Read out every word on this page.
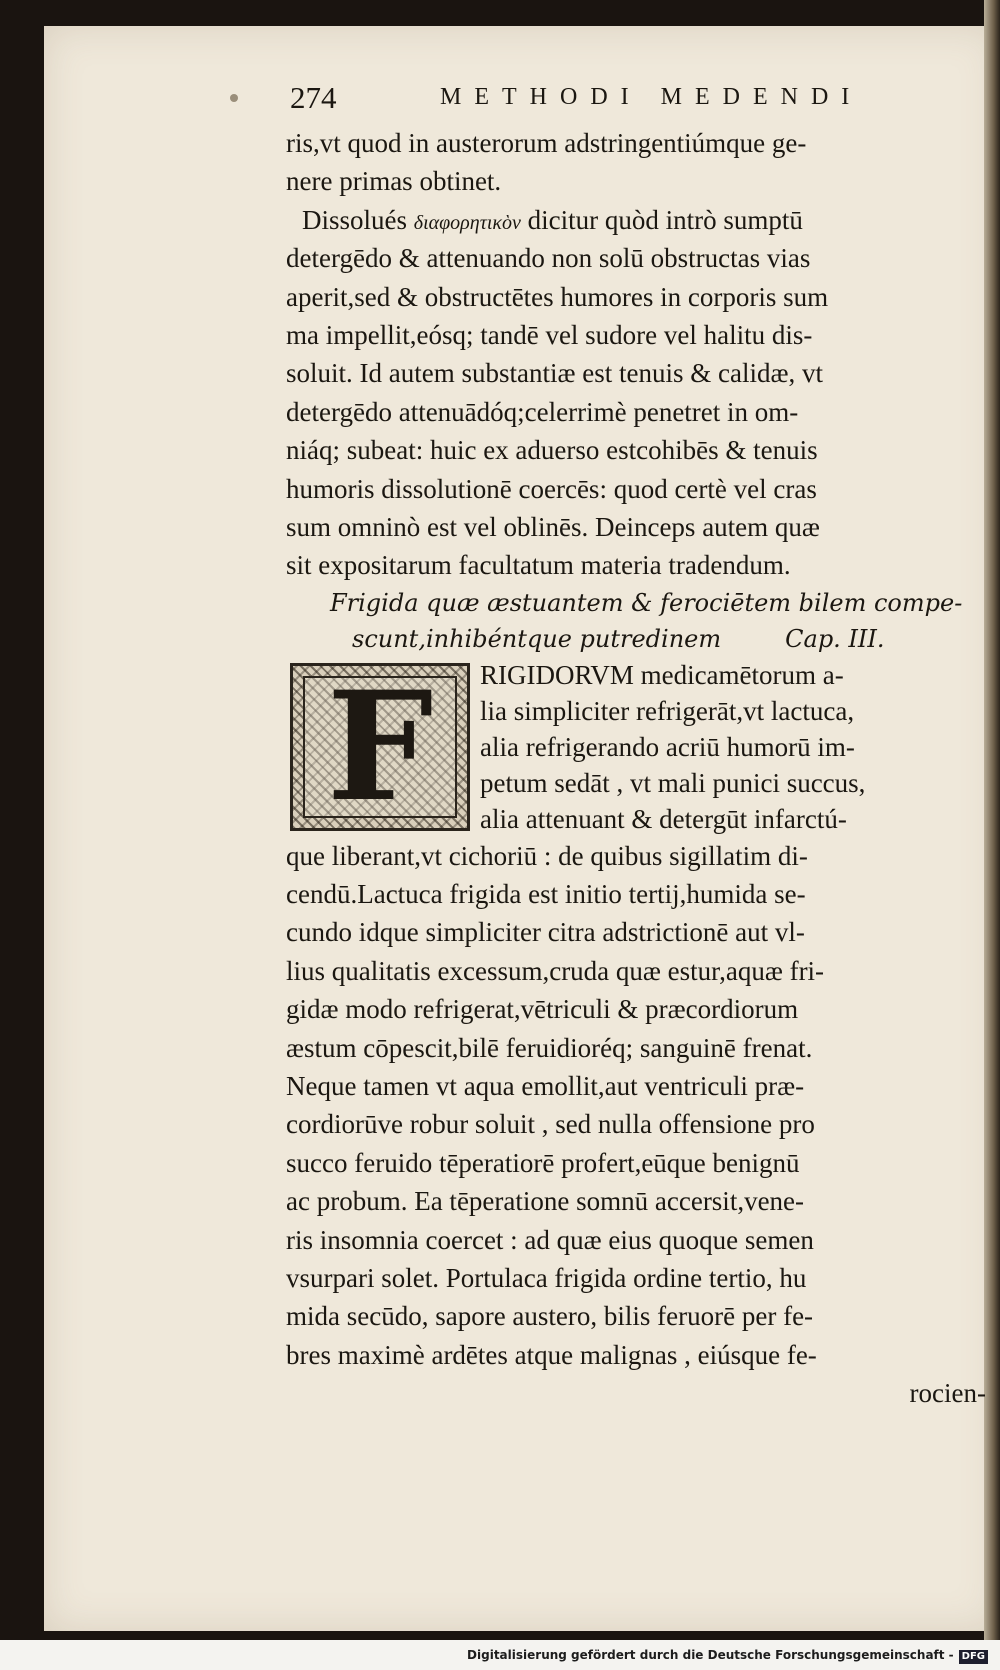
274	METHODI MEDENDI
ris,vt quod in austerorum adstringentiúmque ge-
nere primas obtinet.
Dissolués διαφορητικὸν dicitur quòd intrò sumptū
detergēdo & attenuando non solū obstructas vias
aperit,sed & obstructētes humores in corporis sum
ma impellit,eósq; tandē vel sudore vel halitu dis-
soluit. Id autem substantiæ est tenuis & calidæ, vt
detergēdo attenuādóq;celerrimè penetret in om-
niáq; subeat: huic ex aduerso estcohibēs & tenuis
humoris dissolutionē coercēs: quod certè vel cras
sum omninò est vel oblinēs. Deinceps autem quæ
sit expositarum facultatum materia tradendum.
Frigida quæ æstuantem & ferociētem bilem compe-
scunt,inhibéntque putredinem	Cap. III.
F	RIGIDORVM medicamētorum a-
lia simpliciter refrigerāt,vt lactuca,
alia refrigerando acriū humorū im-
petum sedāt , vt mali punici succus,
alia attenuant & detergūt infarctú-
que liberant,vt cichoriū : de quibus sigillatim di-
cendū.Lactuca frigida est initio tertij,humida se-
cundo idque simpliciter citra adstrictionē aut vl-
lius qualitatis excessum,cruda quæ estur,aquæ fri-
gidæ modo refrigerat,vētriculi & præcordiorum
æstum cōpescit,bilē feruidioréq; sanguinē frenat.
Neque tamen vt aqua emollit,aut ventriculi præ-
cordiorūve robur soluit , sed nulla offensione pro
succo feruido tēperatiorē profert,eūque benignū
ac probum. Ea tēperatione somnū accersit,vene-
ris insomnia coercet : ad quæ eius quoque semen
vsurpari solet. Portulaca frigida ordine tertio, hu
mida secūdo, sapore austero, bilis feruorē per fe-
bres maximè ardētes atque malignas , eiúsque fe-
rocien-
Digitalisierung gefördert durch die Deutsche Forschungsgemeinschaft - DFG
